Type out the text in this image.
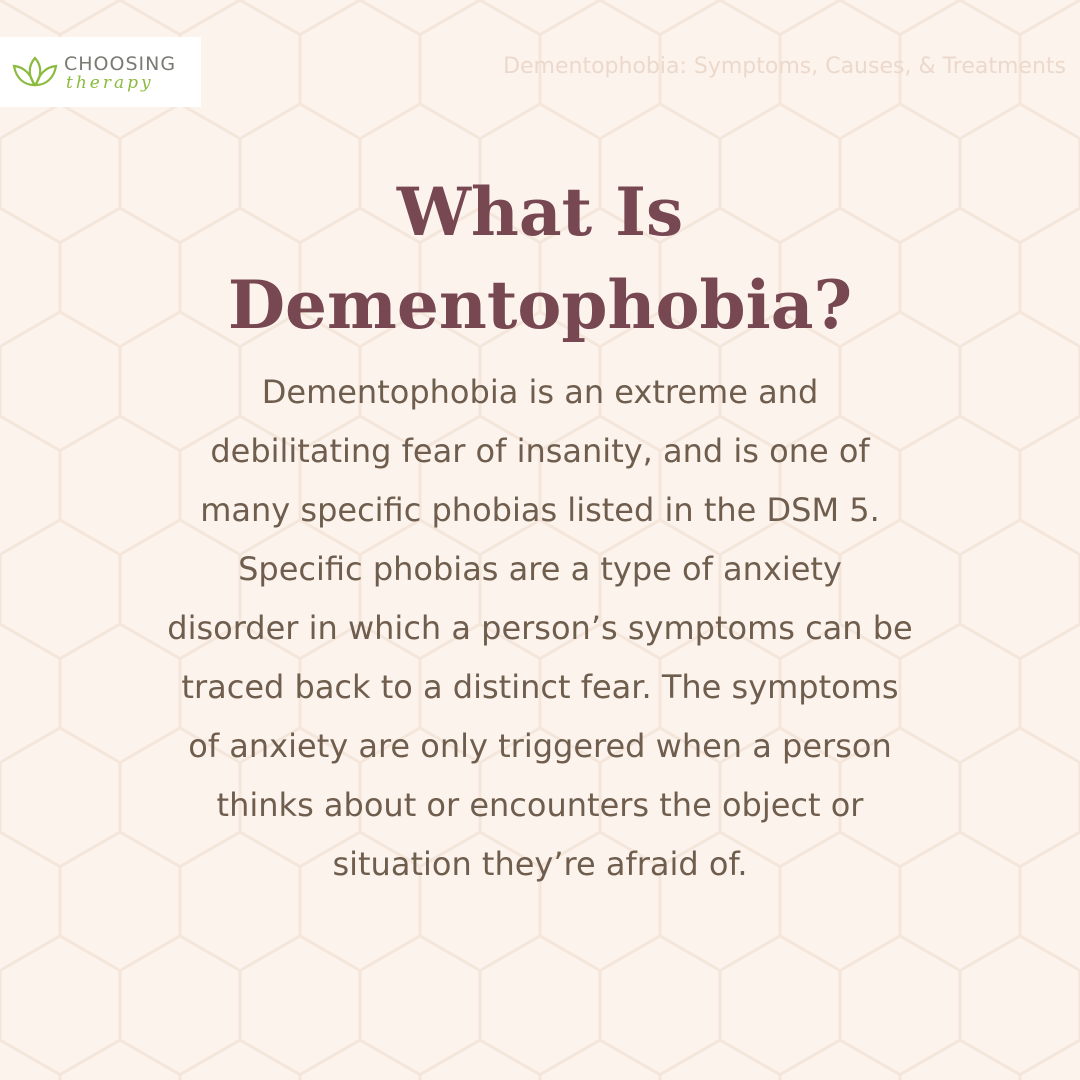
CHOOSING
therapy
Dementophobia: Symptoms, Causes, & Treatments
What Is
Dementophobia?
Dementophobia is an extreme and
debilitating fear of insanity, and is one of
many specific phobias listed in the DSM 5.
Specific phobias are a type of anxiety
disorder in which a person’s symptoms can be
traced back to a distinct fear. The symptoms
of anxiety are only triggered when a person
thinks about or encounters the object or
situation they’re afraid of.
